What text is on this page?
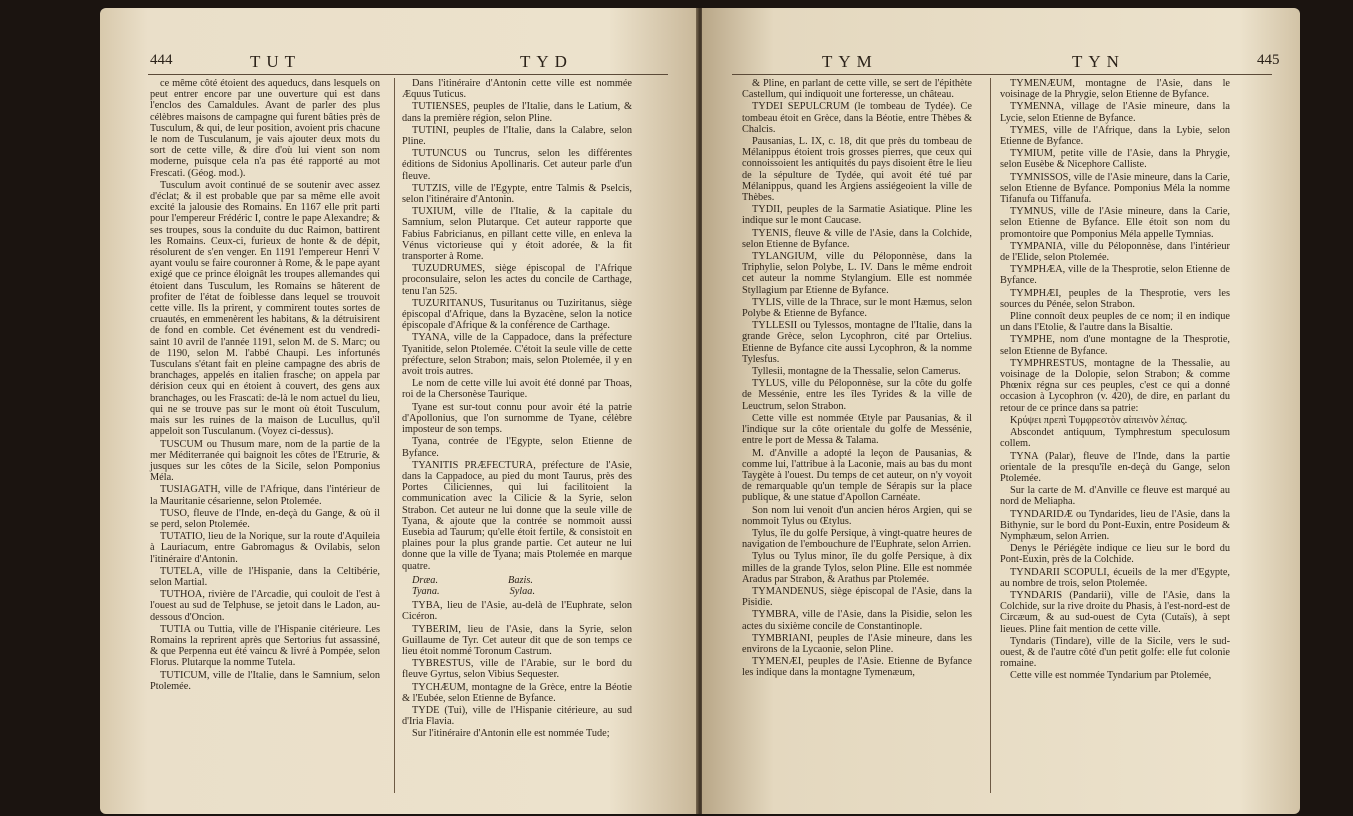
444	TUT	TYD

ce même côté étoient des aqueducs, dans lesquels on peut entrer encore par une ouverture qui est dans l'enclos des Camaldules. Avant de parler des plus célèbres maisons de campagne qui furent bâties près de Tusculum, & qui, de leur position, avoient pris chacune le nom de Tusculanum, je vais ajouter deux mots du sort de cette ville, & dire d'où lui vient son nom moderne, puisque cela n'a pas été rapporté au mot Frescati. (Géog. mod.).

Tusculum avoit continué de se soutenir avec assez d'éclat; & il est probable que par sa même elle avoit excité la jalousie des Romains. En 1167 elle prit parti pour l'empereur Frédéric I, contre le pape Alexandre; & ses troupes, sous la conduite du duc Raimon, battirent les Romains. Ceux-ci, furieux de honte & de dépit, résolurent de s'en venger. En 1191 l'empereur Henri V ayant voulu se faire couronner à Rome, & le pape ayant exigé que ce prince éloignât les troupes allemandes qui étoient dans Tusculum, les Romains se hâterent de profiter de l'état de foiblesse dans lequel se trouvoit cette ville. Ils la prirent, y commirent toutes sortes de cruautés, en emmenèrent les habitans, & la détruisirent de fond en comble. Cet événement est du vendredi-saint 10 avril de l'année 1191, selon M. de S. Marc; ou de 1190, selon M. l'abbé Chaupi. Les infortunés Tusculans s'étant fait en pleine campagne des abris de branchages, appelés en italien frasche; on appela par dérision ceux qui en étoient à couvert, des gens aux branchages, ou les Frascati: de-là le nom actuel du lieu, qui ne se trouve pas sur le mont où étoit Tusculum, mais sur les ruines de la maison de Lucullus, qu'il appeloit son Tusculanum. (Voyez ci-dessus).

TUSCUM ou Thusum mare, nom de la partie de la mer Méditerranée qui baignoit les côtes de l'Etrurie, & jusques sur les côtes de la Sicile, selon Pomponius Méla.

TUSIAGATH, ville de l'Afrique, dans l'intérieur de la Mauritanie césarienne, selon Ptolemée.

TUSO, fleuve de l'Inde, en-deçà du Gange, & où il se perd, selon Ptolemée.

TUTATIO, lieu de la Norique, sur la route d'Aquileia à Lauriacum, entre Gabromagus & Ovilabis, selon l'itinéraire d'Antonin.

TUTELA, ville de l'Hispanie, dans la Celtibérie, selon Martial.

TUTHOA, rivière de l'Arcadie, qui couloit de l'est à l'ouest au sud de Telphuse, se jetoit dans le Ladon, au-dessous d'Oncion.

TUTIA ou Tuttia, ville de l'Hispanie citérieure. Les Romains la reprirent après que Sertorius fut assassiné, & que Perpenna eut été vaincu & livré à Pompée, selon Florus. Plutarque la nomme Tutela.

TUTICUM, ville de l'Italie, dans le Samnium, selon Ptolemée.

Dans l'itinéraire d'Antonin cette ville est nommée Æquus Tuticus.

TUTIENSES, peuples de l'Italie, dans le Latium, & dans la première région, selon Pline.

TUTINI, peuples de l'Italie, dans la Calabre, selon Pline.

TUTUNCUS ou Tuncrus, selon les différentes éditions de Sidonius Apollinaris. Cet auteur parle d'un fleuve.

TUTZIS, ville de l'Egypte, entre Talmis & Pselcis, selon l'itinéraire d'Antonin.

TUXIUM, ville de l'Italie, & la capitale du Samnium, selon Plutarque. Cet auteur rapporte que Fabius Fabricianus, en pillant cette ville, en enleva la Vénus victorieuse qui y étoit adorée, & la fit transporter à Rome.

TUZUDRUMES, siège épiscopal de l'Afrique proconsulaire, selon les actes du concile de Carthage, tenu l'an 525.

TUZURITANUS, Tusuritanus ou Tuziritanus, siège épiscopal d'Afrique, dans la Byzacène, selon la notice épiscopale d'Afrique & la conférence de Carthage.

TYANA, ville de la Cappadoce, dans la préfecture Tyanitide, selon Ptolemée. C'étoit la seule ville de cette préfecture, selon Strabon; mais, selon Ptolemée, il y en avoit trois autres.

Le nom de cette ville lui avoit été donné par Thoas, roi de la Chersonèse Taurique.

Tyane est sur-tout connu pour avoir été la patrie d'Apollonius, que l'on surnomme de Tyane, célèbre imposteur de son temps.

Tyana, contrée de l'Egypte, selon Etienne de Byfance.

TYANITIS PRÆFECTURA, préfecture de l'Asie, dans la Cappadoce, au pied du mont Taurus, près des Portes Ciliciennes, qui lui facilitoient la communication avec la Cilicie & la Syrie, selon Strabon. Cet auteur ne lui donne que la seule ville de Tyana, & ajoute que la contrée se nommoit aussi Eusebia ad Taurum; qu'elle étoit fertile, & consistoit en plaines pour la plus grande partie. Cet auteur ne lui donne que la ville de Tyana; mais Ptolemée en marque quatre.

Dræa.	Bazis.
Tyana.	Sylaa.

TYBA, lieu de l'Asie, au-delà de l'Euphrate, selon Cicéron.

TYBERIM, lieu de l'Asie, dans la Syrie, selon Guillaume de Tyr. Cet auteur dit que de son temps ce lieu étoit nommé Toronum Castrum.

TYBRESTUS, ville de l'Arabie, sur le bord du fleuve Gyrtus, selon Vibius Sequester.

TYCHÆUM, montagne de la Grèce, entre la Béotie & l'Eubée, selon Etienne de Byfance.

TYDE (Tui), ville de l'Hispanie citérieure, au sud d'Iria Flavia.

Sur l'itinéraire d'Antonin elle est nommée Tude;

TYM	TYN	445

& Pline, en parlant de cette ville, se sert de l'épithète Castellum, qui indiquoit une forteresse, un château.

TYDEI SEPULCRUM (le tombeau de Tydée). Ce tombeau étoit en Grèce, dans la Béotie, entre Thèbes & Chalcis.

Pausanias, L. IX, c. 18, dit que près du tombeau de Mélanippus étoient trois grosses pierres, que ceux qui connoissoient les antiquités du pays disoient être le lieu de la sépulture de Tydée, qui avoit été tué par Mélanippus, quand les Argiens assiégeoient la ville de Thèbes.

TYDII, peuples de la Sarmatie Asiatique. Pline les indique sur le mont Caucase.

TYENIS, fleuve & ville de l'Asie, dans la Colchide, selon Etienne de Byfance.

TYLANGIUM, ville du Péloponnèse, dans la Triphylie, selon Polybe, L. IV. Dans le même endroit cet auteur la nomme Stylangium. Elle est nommée Styllagium par Etienne de Byfance.

TYLIS, ville de la Thrace, sur le mont Hæmus, selon Polybe & Etienne de Byfance.

TYLLESII ou Tylessos, montagne de l'Italie, dans la grande Grèce, selon Lycophron, cité par Ortelius. Etienne de Byfance cite aussi Lycophron, & la nomme Tylesfus.

Tyllesii, montagne de la Thessalie, selon Camerus.

TYLUS, ville du Péloponnèse, sur la côte du golfe de Messénie, entre les îles Tyrides & la ville de Leuctrum, selon Strabon.

Cette ville est nommée Œtyle par Pausanias, & il l'indique sur la côte orientale du golfe de Messénie, entre le port de Messa & Talama.

M. d'Anville a adopté la leçon de Pausanias, & comme lui, l'attribue à la Laconie, mais au bas du mont Taygète à l'ouest. Du temps de cet auteur, on n'y voyoit de remarquable qu'un temple de Sérapis sur la place publique, & une statue d'Apollon Carnéate.

Son nom lui venoit d'un ancien héros Argien, qui se nommoit Tylus ou Œtylus.

Tylus, île du golfe Persique, à vingt-quatre heures de navigation de l'embouchure de l'Euphrate, selon Arrien.

Tylus ou Tylus minor, île du golfe Persique, à dix milles de la grande Tylos, selon Pline. Elle est nommée Aradus par Strabon, & Arathus par Ptolemée.

TYMANDENUS, siège épiscopal de l'Asie, dans la Pisidie.

TYMBRA, ville de l'Asie, dans la Pisidie, selon les actes du sixième concile de Constantinople.

TYMBRIANI, peuples de l'Asie mineure, dans les environs de la Lycaonie, selon Pline.

TYMENÆI, peuples de l'Asie. Etienne de Byfance les indique dans la montagne Tymenæum,

TYMENÆUM, montagne de l'Asie, dans le voisinage de la Phrygie, selon Etienne de Byfance.

TYMENNA, village de l'Asie mineure, dans la Lycie, selon Etienne de Byfance.

TYMES, ville de l'Afrique, dans la Lybie, selon Etienne de Byfance.

TYMIUM, petite ville de l'Asie, dans la Phrygie, selon Eusèbe & Nicephore Calliste.

TYMNISSOS, ville de l'Asie mineure, dans la Carie, selon Etienne de Byfance. Pomponius Méla la nomme Tifanufa ou Tiffanufa.

TYMNUS, ville de l'Asie mineure, dans la Carie, selon Etienne de Byfance. Elle étoit son nom du promontoire que Pomponius Méla appelle Tymnias.

TYMPANIA, ville du Péloponnèse, dans l'intérieur de l'Elide, selon Ptolemée.

TYMPHÆA, ville de la Thesprotie, selon Etienne de Byfance.

TYMPHÆI, peuples de la Thesprotie, vers les sources du Pénée, selon Strabon.

Pline connoît deux peuples de ce nom; il en indique un dans l'Etolie, & l'autre dans la Bisaltie.

TYMPHE, nom d'une montagne de la Thesprotie, selon Etienne de Byfance.

TYMPHRESTUS, montagne de la Thessalie, au voisinage de la Dolopie, selon Strabon; & comme Phœnix régna sur ces peuples, c'est ce qui a donné occasion à Lycophron (v. 420), de dire, en parlant du retour de ce prince dans sa patrie:

Κρύψει πρεπὶ Τυμφρεστὸν αἰπεινὸν λέπας.

Abscondet antiquum, Tymphrestum speculosum collem.

TYNA (Palar), fleuve de l'Inde, dans la partie orientale de la presqu'île en-deçà du Gange, selon Ptolemée.

Sur la carte de M. d'Anville ce fleuve est marqué au nord de Meliapha.

TYNDARIDÆ ou Tyndarides, lieu de l'Asie, dans la Bithynie, sur le bord du Pont-Euxin, entre Posideum & Nymphæum, selon Arrien.

Denys le Périégète indique ce lieu sur le bord du Pont-Euxin, près de la Colchide.

TYNDARII SCOPULI, écueils de la mer d'Egypte, au nombre de trois, selon Ptolemée.

TYNDARIS (Pandarii), ville de l'Asie, dans la Colchide, sur la rive droite du Phasis, à l'est-nord-est de Circæum, & au sud-ouest de Cyta (Cutaïs), à sept lieues. Pline fait mention de cette ville.

Tyndaris (Tindare), ville de la Sicile, vers le sud-ouest, & de l'autre côté d'un petit golfe: elle fut colonie romaine.

Cette ville est nommée Tyndarium par Ptolemée,
